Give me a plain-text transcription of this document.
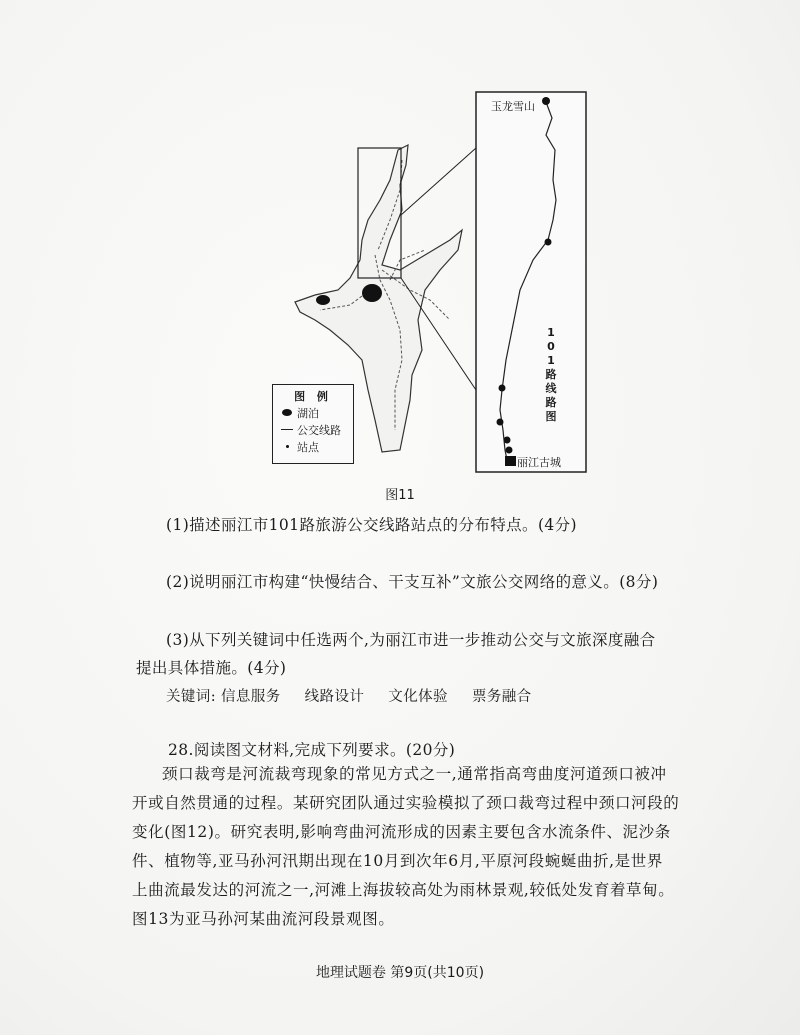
玉龙雪山
丽江古城
1
0
1
路
线
路
图
图 例
湖泊
公交线路
站点
图11
(1)描述丽江市101路旅游公交线路站点的分布特点。(4分)
(2)说明丽江市构建“快慢结合、干支互补”文旅公交网络的意义。(8分)
(3)从下列关键词中任选两个,为丽江市进一步推动公交与文旅深度融合
提出具体措施。(4分)
关键词: 信息服务 线路设计 文化体验 票务融合
28.阅读图文材料,完成下列要求。(20分)
颈口裁弯是河流裁弯现象的常见方式之一,通常指高弯曲度河道颈口被冲
开或自然贯通的过程。某研究团队通过实验模拟了颈口裁弯过程中颈口河段的
变化(图12)。研究表明,影响弯曲河流形成的因素主要包含水流条件、泥沙条
件、植物等,亚马孙河汛期出现在10月到次年6月,平原河段蜿蜒曲折,是世界
上曲流最发达的河流之一,河滩上海拔较高处为雨林景观,较低处发育着草甸。
图13为亚马孙河某曲流河段景观图。
地理试题卷 第9页(共10页)
